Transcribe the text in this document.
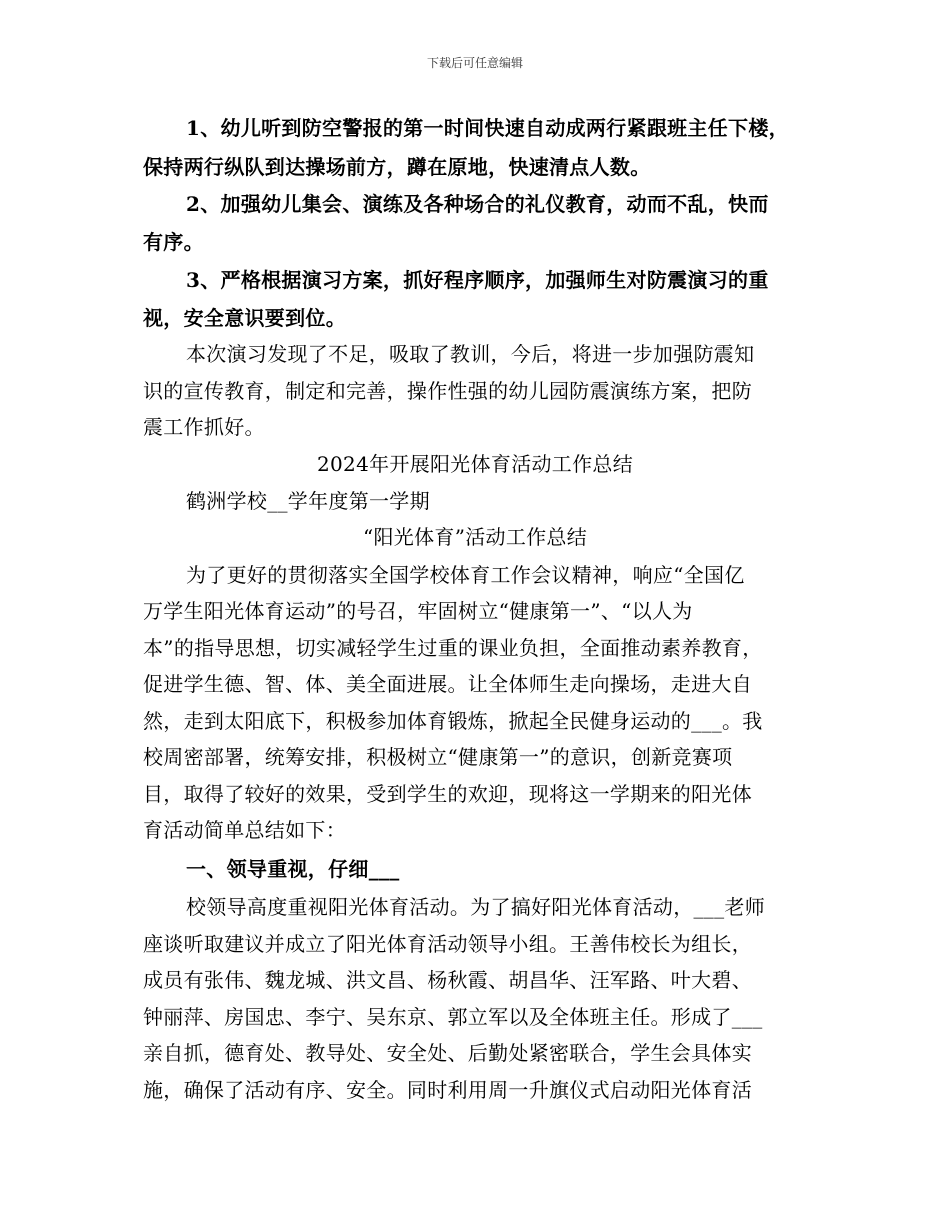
下载后可任意编辑
1、幼儿听到防空警报的第一时间快速自动成两行紧跟班主任下楼，
保持两行纵队到达操场前方，蹲在原地，快速清点人数。
2、加强幼儿集会、演练及各种场合的礼仪教育，动而不乱，快而
有序。
3、严格根据演习方案，抓好程序顺序，加强师生对防震演习的重
视，安全意识要到位。
本次演习发现了不足，吸取了教训，今后，将进一步加强防震知
识的宣传教育，制定和完善，操作性强的幼儿园防震演练方案，把防
震工作抓好。
2024年开展阳光体育活动工作总结
鹤洲学校__学年度第一学期
“阳光体育”活动工作总结
为了更好的贯彻落实全国学校体育工作会议精神，响应“全国亿
万学生阳光体育运动”的号召，牢固树立“健康第一”、“以人为
本”的指导思想，切实减轻学生过重的课业负担，全面推动素养教育，
促进学生德、智、体、美全面进展。让全体师生走向操场，走进大自
然，走到太阳底下，积极参加体育锻炼，掀起全民健身运动的___。我
校周密部署，统筹安排，积极树立“健康第一”的意识，创新竞赛项
目，取得了较好的效果，受到学生的欢迎，现将这一学期来的阳光体
育活动简单总结如下：
一、领导重视，仔细___
校领导高度重视阳光体育活动。为了搞好阳光体育活动，___老师
座谈听取建议并成立了阳光体育活动领导小组。王善伟校长为组长，
成员有张伟、魏龙城、洪文昌、杨秋霞、胡昌华、汪军路、叶大碧、
钟丽萍、房国忠、李宁、吴东京、郭立军以及全体班主任。形成了___
亲自抓，德育处、教导处、安全处、后勤处紧密联合，学生会具体实
施，确保了活动有序、安全。同时利用周一升旗仪式启动阳光体育活
